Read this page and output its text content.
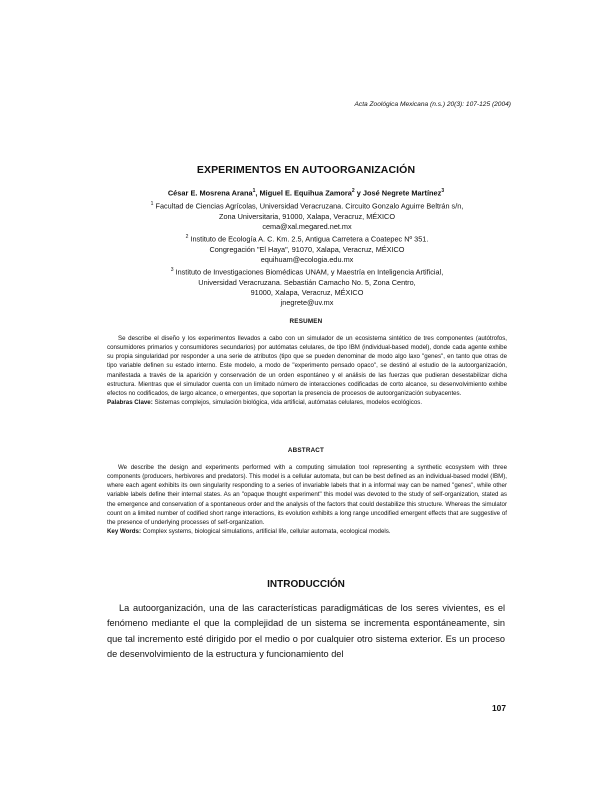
Acta Zoológica Mexicana (n.s.) 20(3): 107-125 (2004)
EXPERIMENTOS EN AUTOORGANIZACIÓN
César E. Mosrena Arana$^1$, Miguel E. Equihua Zamora$^2$ y José Negrete Martínez$^3$
$^1$ Facultad de Ciencias Agrícolas, Universidad Veracruzana. Circuito Gonzalo Aguirre Beltrán s/n,
Zona Universitaria, 91000, Xalapa, Veracruz, MÉXICO
cema@xal.megared.net.mx
$^2$ Instituto de Ecología A. C. Km. 2.5, Antigua Carretera a Coatepec Nº 351.
Congregación "El Haya", 91070, Xalapa, Veracruz, MÉXICO
equihuam@ecologia.edu.mx
$^3$ Instituto de Investigaciones Biomédicas UNAM, y Maestría en Inteligencia Artificial,
Universidad Veracruzana. Sebastián Camacho No. 5, Zona Centro,
91000, Xalapa, Veracruz, MÉXICO
jnegrete@uv.mx
RESUMEN

Se describe el diseño y los experimentos llevados a cabo con un simulador de un ecosistema sintético de tres componentes (autótrofos, consumidores primarios y consumidores secundarios) por autómatas celulares, de tipo IBM (individual-based model), donde cada agente exhibe su propia singularidad por responder a una serie de atributos (tipo que se pueden denominar de modo algo laxo "genes", en tanto que otras de tipo variable definen su estado interno. Este modelo, a modo de "experimento pensado opaco", se destinó al estudio de la autoorganización, manifestada a través de la aparición y conservación de un orden espontáneo y el análisis de las fuerzas que pudieran desestabilizar dicha estructura. Mientras que el simulador cuenta con un limitado número de interacciones codificadas de corto alcance, su desenvolvimiento exhibe efectos no codificados, de largo alcance, o emergentes, que soportan la presencia de procesos de autoorganización subyacentes.

Palabras Clave: Sistemas complejos, simulación biológica, vida artificial, autómatas celulares, modelos ecológicos.

ABSTRACT

We describe the design and experiments performed with a computing simulation tool representing a synthetic ecosystem with three components (producers, herbivores and predators). This model is a cellular automata, but can be best defined as an individual-based model (IBM), where each agent exhibits its own singularity responding to a series of invariable labels that in a informal way can be named "genes", while other variable labels define their internal states. As an "opaque thought experiment" this model was devoted to the study of self-organization, stated as the emergence and conservation of a spontaneous order and the analysis of the factors that could destabilize this structure. Whereas the simulator count on a limited number of codified short range interactions, its evolution exhibits a long range uncodified emergent effects that are suggestive of the presence of underlying processes of self-organization.

Key Words: Complex systems, biological simulations, artificial life, cellular automata, ecological models.

INTRODUCCIÓN

La autoorganización, una de las características paradigmáticas de los seres vivientes, es el fenómeno mediante el que la complejidad de un sistema se incrementa espontáneamente, sin que tal incremento esté dirigido por el medio o por cualquier otro sistema exterior. Es un proceso de desenvolvimiento de la estructura y funcionamiento del

107
